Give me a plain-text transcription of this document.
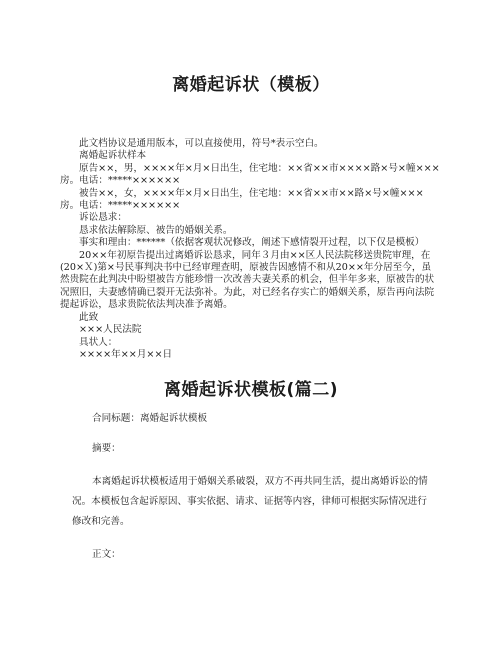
离婚起诉状（模板）

此文档协议是通用版本，可以直接使用，符号*表示空白。

离婚起诉状样本

原告××，男，××××年×月×日出生，住宅地：××省××市××××路×号×幢×××房。电话：*****××××××

被告××，女，××××年×月×日出生，住宅地：××省××市××路×号×幢×××房。电话：*****××××××

诉讼恳求：

恳求依法解除原、被告的婚姻关系。

事实和理由：******（依据客观状况修改，阐述下感情裂开过程，以下仅是模板）

20××年初原告提出过离婚诉讼恳求，同年３月由××区人民法院移送贵院审理，在(20×Ｘ)第×号民事判决书中已经审理查明，原被告因感情不和从20××年分居至今，虽然贵院在此判决中盼望被告方能珍惜一次改善夫妻关系的机会，但半年多来，原被告的状况照旧，夫妻感情确已裂开无法弥补。为此，对已经名存实亡的婚姻关系，原告再向法院提起诉讼，恳求贵院依法判决准予离婚。

此致

×××人民法院

具状人：

××××年××月××日

离婚起诉状模板(篇二)

合同标题：离婚起诉状模板

摘要：

本离婚起诉状模板适用于婚姻关系破裂，双方不再共同生活，提出离婚诉讼的情况。本模板包含起诉原因、事实依据、请求、证据等内容，律师可根据实际情况进行修改和完善。

正文：
